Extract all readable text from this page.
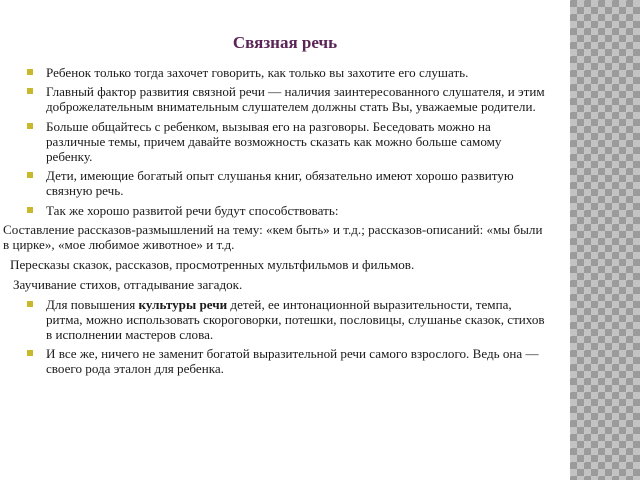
Связная речь
Ребенок только тогда захочет говорить, как только вы захотите его слушать.
Главный фактор развития связной речи — наличия заинтересованного слушателя, и этим доброжелательным внимательным слушателем должны стать Вы, уважаемые родители.
Больше общайтесь с ребенком, вызывая его на разговоры. Беседовать можно на различные темы, причем давайте возможность сказать как можно больше самому ребенку.
Дети, имеющие богатый опыт слушанья книг, обязательно имеют хорошо развитую связную речь.
Так же хорошо развитой речи будут способствовать:
Составление рассказов-размышлений на тему: «кем быть» и т.д.; рассказов-описаний: «мы были в цирке», «мое любимое животное» и т.д.
Пересказы сказок, рассказов, просмотренных мультфильмов и фильмов.
Заучивание стихов, отгадывание загадок.
Для повышения культуры речи детей, ее интонационной выразительности, темпа, ритма, можно использовать скороговорки, потешки, пословицы, слушанье сказок, стихов в исполнении мастеров слова.
И все же, ничего не заменит богатой выразительной речи самого взрослого. Ведь она — своего рода эталон для ребенка.
